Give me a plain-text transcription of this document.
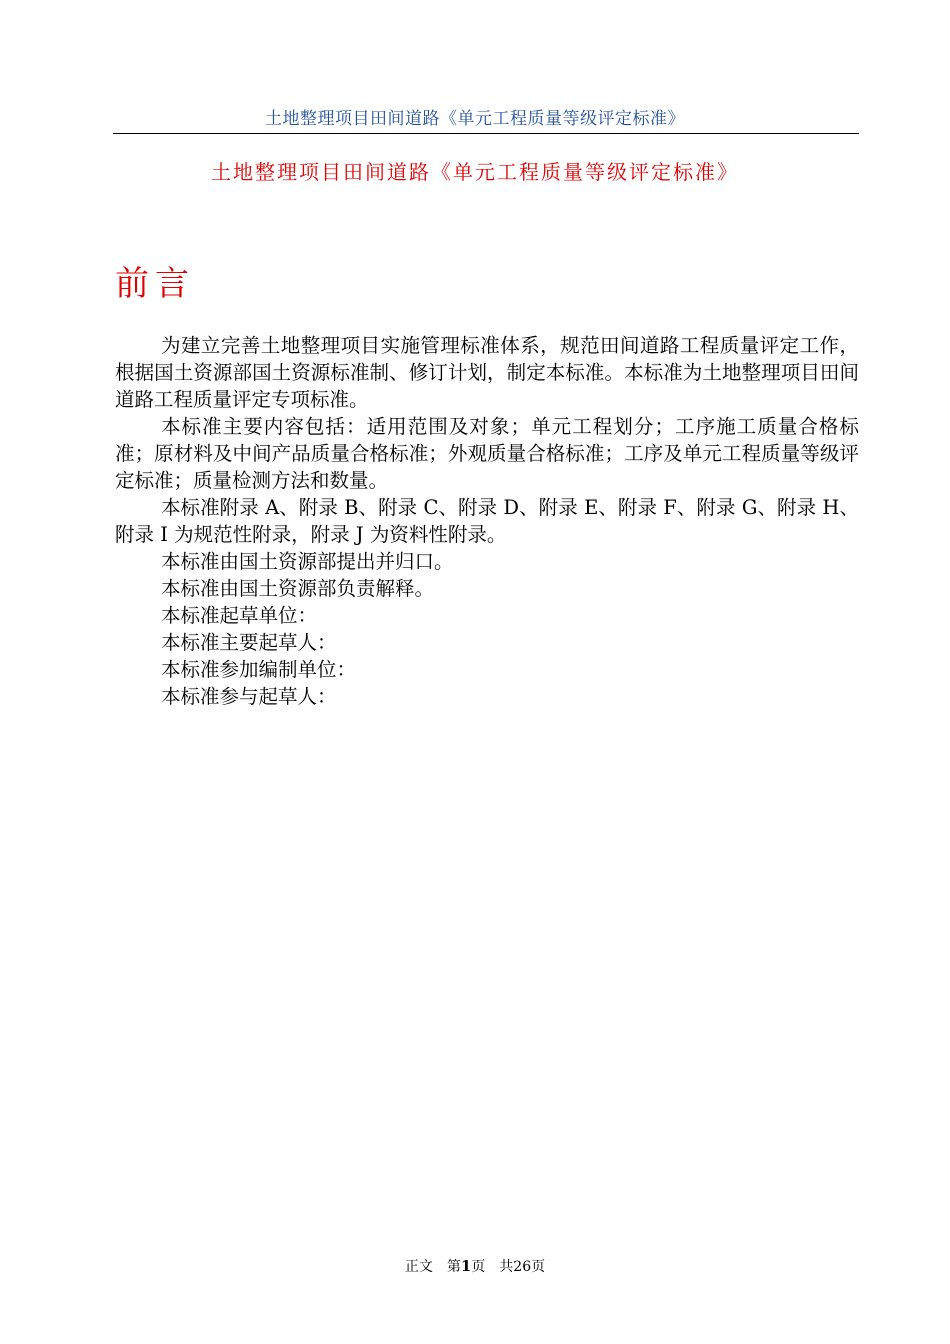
土地整理项目田间道路《单元工程质量等级评定标准》
土地整理项目田间道路《单元工程质量等级评定标准》
前言

为建立完善土地整理项目实施管理标准体系，规范田间道路工程质量评定工作，根据国土资源部国土资源标准制、修订计划，制定本标准。本标准为土地整理项目田间道路工程质量评定专项标准。

本标准主要内容包括：适用范围及对象；单元工程划分；工序施工质量合格标准；原材料及中间产品质量合格标准；外观质量合格标准；工序及单元工程质量等级评定标准；质量检测方法和数量。

本标准附录 A、附录 B、附录 C、附录 D、附录 E、附录 F、附录 G、附录 H、附录 I 为规范性附录，附录 J 为资料性附录。

本标准由国土资源部提出并归口。

本标准由国土资源部负责解释。

本标准起草单位：

本标准主要起草人：

本标准参加编制单位：

本标准参与起草人：

正文 第1页 共26页
